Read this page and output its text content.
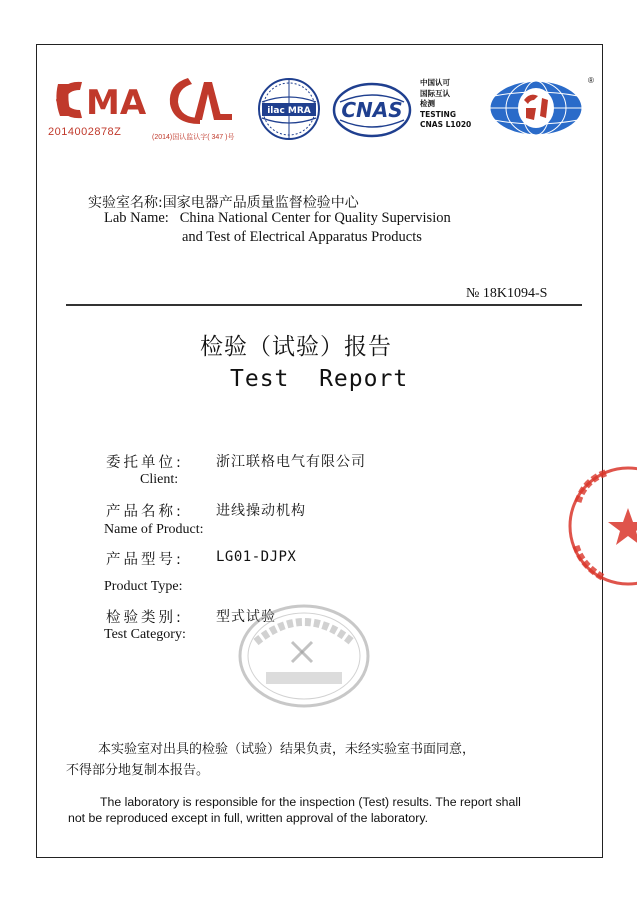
MA
2014002878Z
AL
(2014)国认监认字( 347 )号
ilac MRA CNAS
中国认可
国际互认
检测
TESTING
CNAS L1020
®
实验室名称:国家电器产品质量监督检验中心
Lab Name: China National Center for Quality Supervision
and Test of Electrical Apparatus Products
№ 18K1094-S
检验（试验）报告
Test  Report
委托单位: 浙江联格电气有限公司
Client:
产品名称: 进线操动机构
Name of Product:
产品型号: LG01-DJPX
Product Type:
检验类别: 型式试验
Test Category:
本实验室对出具的检验（试验）结果负责，未经实验室书面同意，
不得部分地复制本报告。
The laboratory is responsible for the inspection (Test) results. The report shall
not be reproduced except in full, written approval of the laboratory.
